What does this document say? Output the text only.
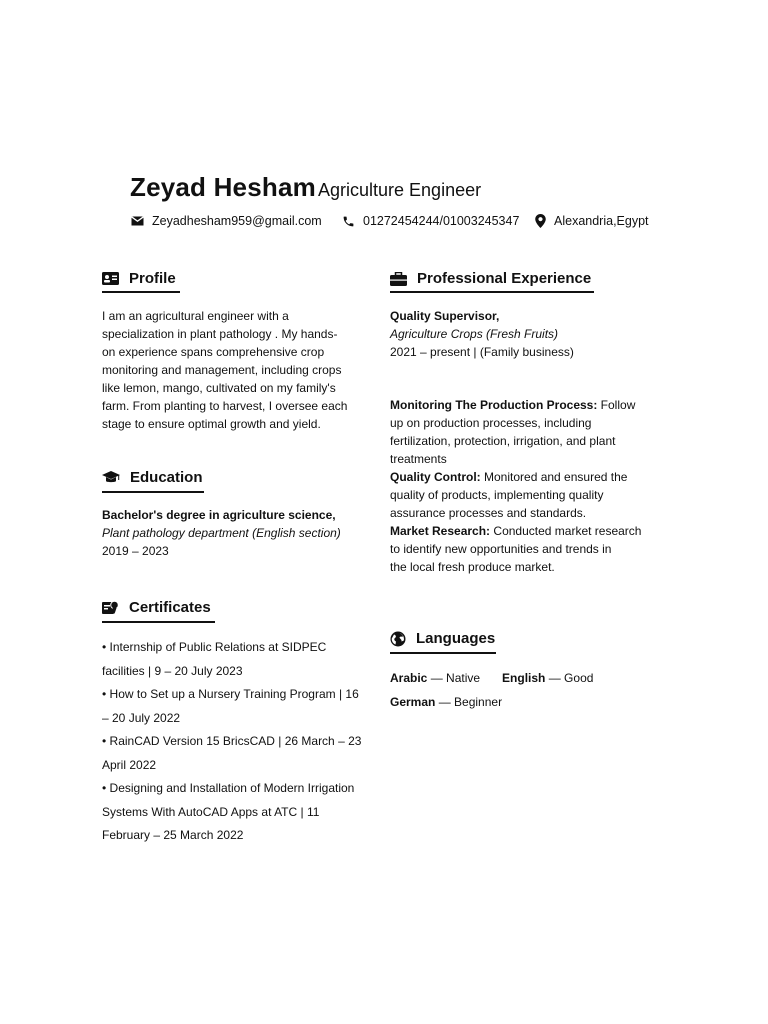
Zeyad Hesham Agriculture Engineer
Zeyadhesham959@gmail.com	01272454244/01003245347	Alexandria,Egypt
Profile
I am an agricultural engineer with a
specialization in plant pathology . My hands-
on experience spans comprehensive crop
monitoring and management, including crops
like lemon, mango, cultivated on my family's
farm. From planting to harvest, I oversee each
stage to ensure optimal growth and yield.
Education
Bachelor's degree in agriculture science,
Plant pathology department (English section)
2019 – 2023
Certificates
• Internship of Public Relations at SIDPEC facilities | 9 – 20 July 2023
• How to Set up a Nursery Training Program | 16 – 20 July 2022
• RainCAD Version 15 BricsCAD | 26 March – 23 April 2022
• Designing and Installation of Modern Irrigation Systems With AutoCAD Apps at ATC | 11 February – 25 March 2022
Professional Experience
Quality Supervisor,
Agriculture Crops (Fresh Fruits)
2021 – present | (Family business)
Monitoring The Production Process: Follow
up on production processes, including
fertilization, protection, irrigation, and plant
treatments
Quality Control: Monitored and ensured the
quality of products, implementing quality
assurance processes and standards.
Market Research: Conducted market research
to identify new opportunities and trends in
the local fresh produce market.
Languages
Arabic — Native English — Good
German — Beginner
